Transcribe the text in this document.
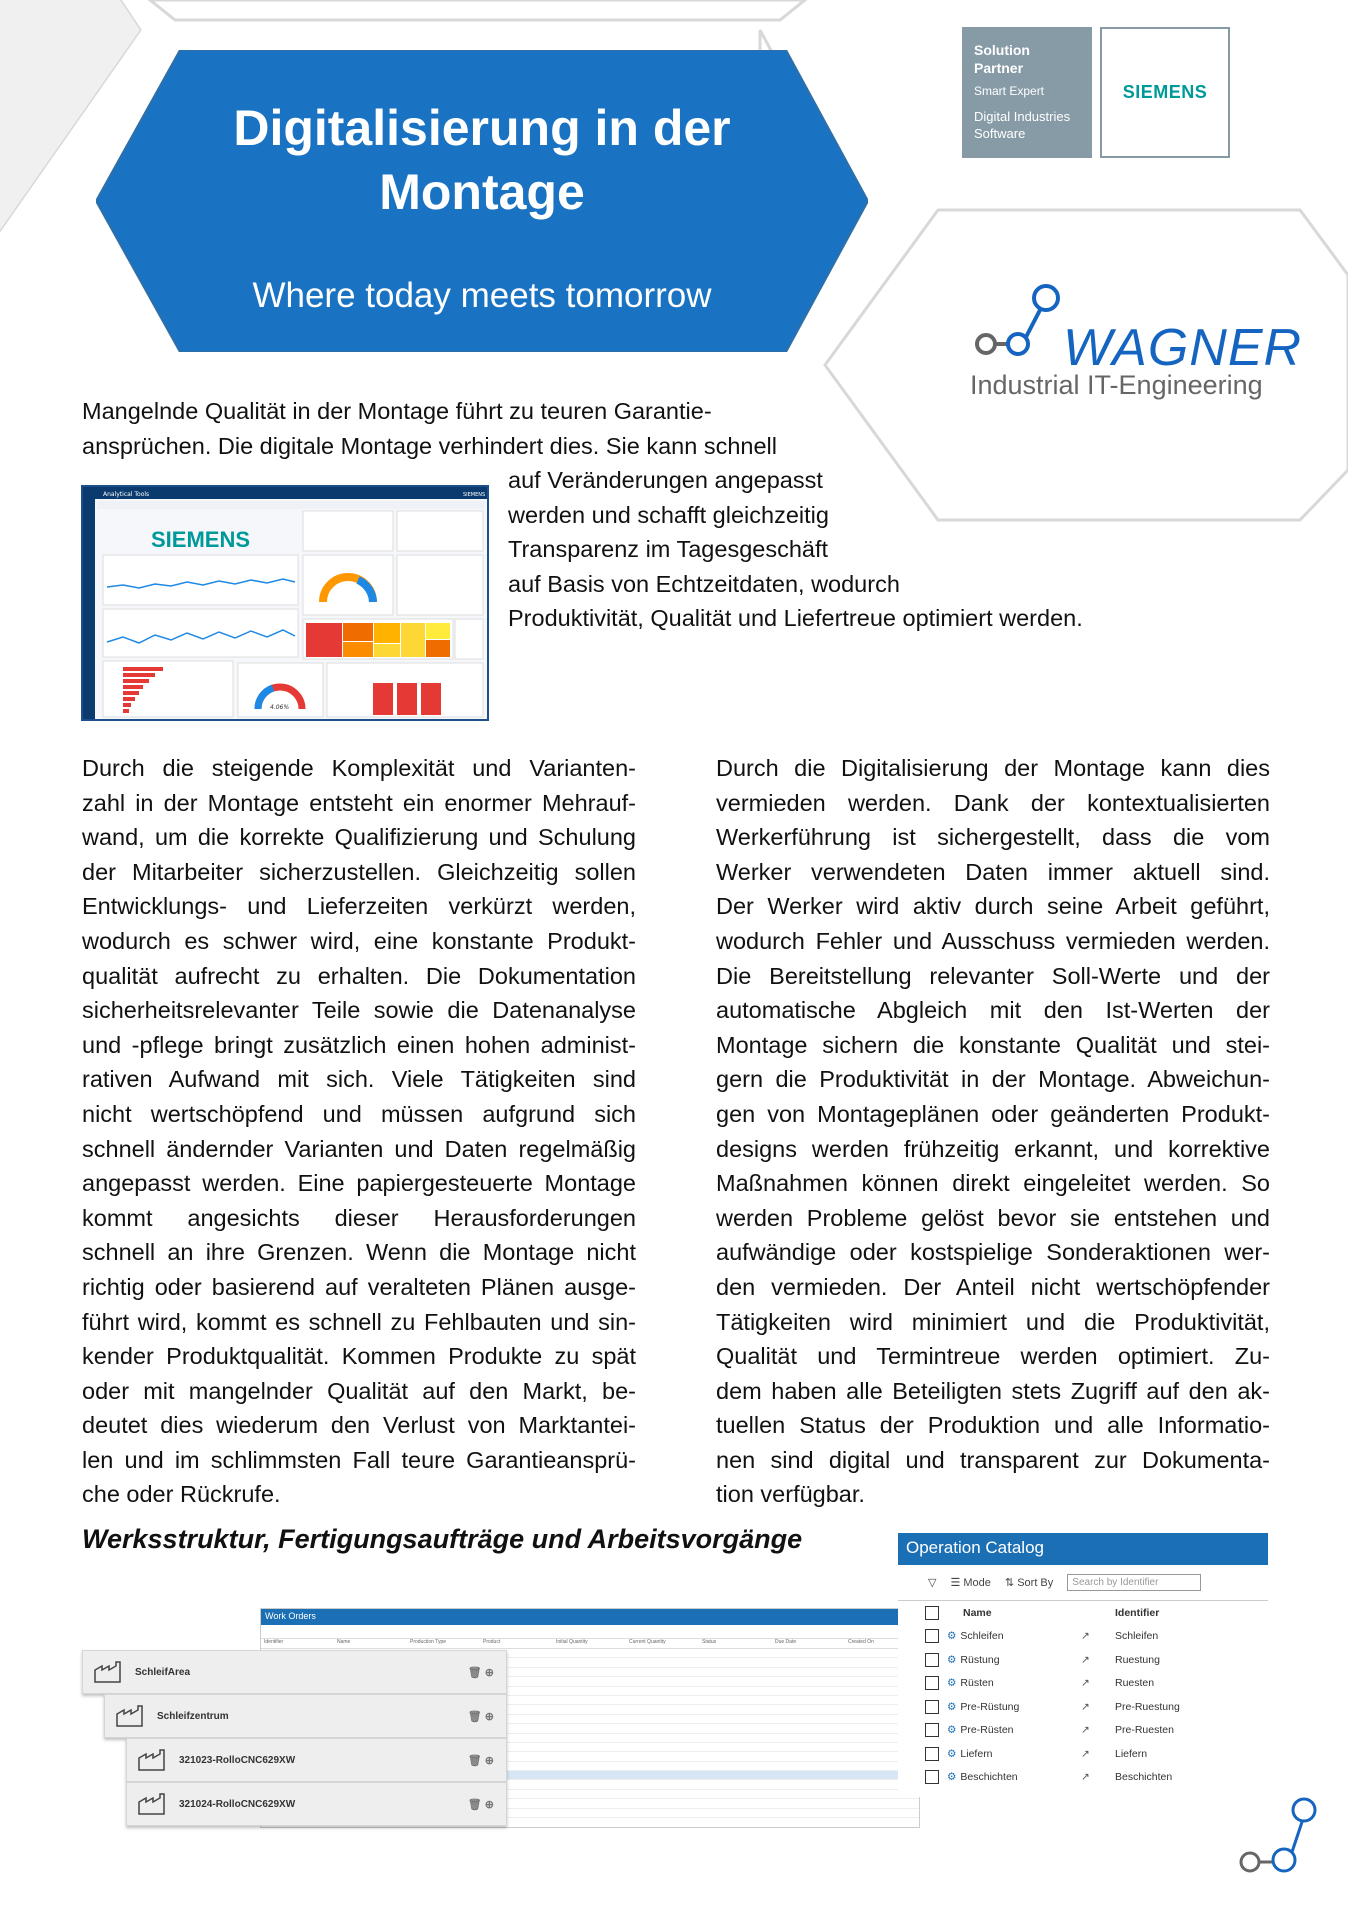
Digitalisierung in der
Montage
Where today meets tomorrow
Solution
Partner
Smart Expert
Digital Industries
Software
SIEMENS
WAGNER
Industrial IT-Engineering
Mangelnde Qualität in der Montage führt zu teuren Garantie-
ansprüchen. Die digitale Montage verhindert dies. Sie kann schnell
auf Veränderungen angepasst
werden und schafft gleichzeitig
Transparenz im Tagesgeschäft
auf Basis von Echtzeitdaten, wodurch
Produktivität, Qualität und Liefertreue optimiert werden.
Analytical Tools	SIEMENS
SIEMENS
4.06%
Durch die steigende Komplexität und Varianten-
zahl in der Montage entsteht ein enormer Mehrauf-
wand, um die korrekte Qualifizierung und Schulung
der Mitarbeiter sicherzustellen. Gleichzeitig sollen
Entwicklungs- und Lieferzeiten verkürzt werden,
wodurch es schwer wird, eine konstante Produkt-
qualität aufrecht zu erhalten. Die Dokumentation
sicherheitsrelevanter Teile sowie die Datenanalyse
und -pflege bringt zusätzlich einen hohen administ-
rativen Aufwand mit sich. Viele Tätigkeiten sind
nicht wertschöpfend und müssen aufgrund sich
schnell ändernder Varianten und Daten regelmäßig
angepasst werden. Eine papiergesteuerte Montage
kommt angesichts dieser Herausforderungen
schnell an ihre Grenzen. Wenn die Montage nicht
richtig oder basierend auf veralteten Plänen ausge-
führt wird, kommt es schnell zu Fehlbauten und sin-
kender Produktqualität. Kommen Produkte zu spät
oder mit mangelnder Qualität auf den Markt, be-
deutet dies wiederum den Verlust von Marktantei-
len und im schlimmsten Fall teure Garantieansprü-
che oder Rückrufe.
Durch die Digitalisierung der Montage kann dies
vermieden werden. Dank der kontextualisierten
Werkerführung ist sichergestellt, dass die vom
Werker verwendeten Daten immer aktuell sind.
Der Werker wird aktiv durch seine Arbeit geführt,
wodurch Fehler und Ausschuss vermieden werden.
Die Bereitstellung relevanter Soll-Werte und der
automatische Abgleich mit den Ist-Werten der
Montage sichern die konstante Qualität und stei-
gern die Produktivität in der Montage. Abweichun-
gen von Montageplänen oder geänderten Produkt-
designs werden frühzeitig erkannt, und korrektive
Maßnahmen können direkt eingeleitet werden. So
werden Probleme gelöst bevor sie entstehen und
aufwändige oder kostspielige Sonderaktionen wer-
den vermieden. Der Anteil nicht wertschöpfender
Tätigkeiten wird minimiert und die Produktivität,
Qualität und Termintreue werden optimiert. Zu-
dem haben alle Beteiligten stets Zugriff auf den ak-
tuellen Status der Produktion und alle Informatio-
nen sind digital und transparent zur Dokumenta-
tion verfügbar.
Werksstruktur, Fertigungsaufträge und Arbeitsvorgänge
Work Orders
Identifier	Name	Production Type	Product	Initial Quantity	Current Quantity	Status	Due Date	Created On
SchleifArea	🗑 ⊕
Schleifzentrum	🗑 ⊕
321023-RolloCNC629XW	🗑 ⊕
321024-RolloCNC629XW	🗑 ⊕
Operation Catalog
▽ ☰ Mode ⇅ Sort By	Search by Identifier
Name	Identifier
⚙ Schleifen	↗	Schleifen
⚙ Rüstung	↗	Ruestung
⚙ Rüsten	↗	Ruesten
⚙ Pre-Rüstung	↗	Pre-Ruestung
⚙ Pre-Rüsten	↗	Pre-Ruesten
⚙ Liefern	↗	Liefern
⚙ Beschichten	↗	Beschichten
